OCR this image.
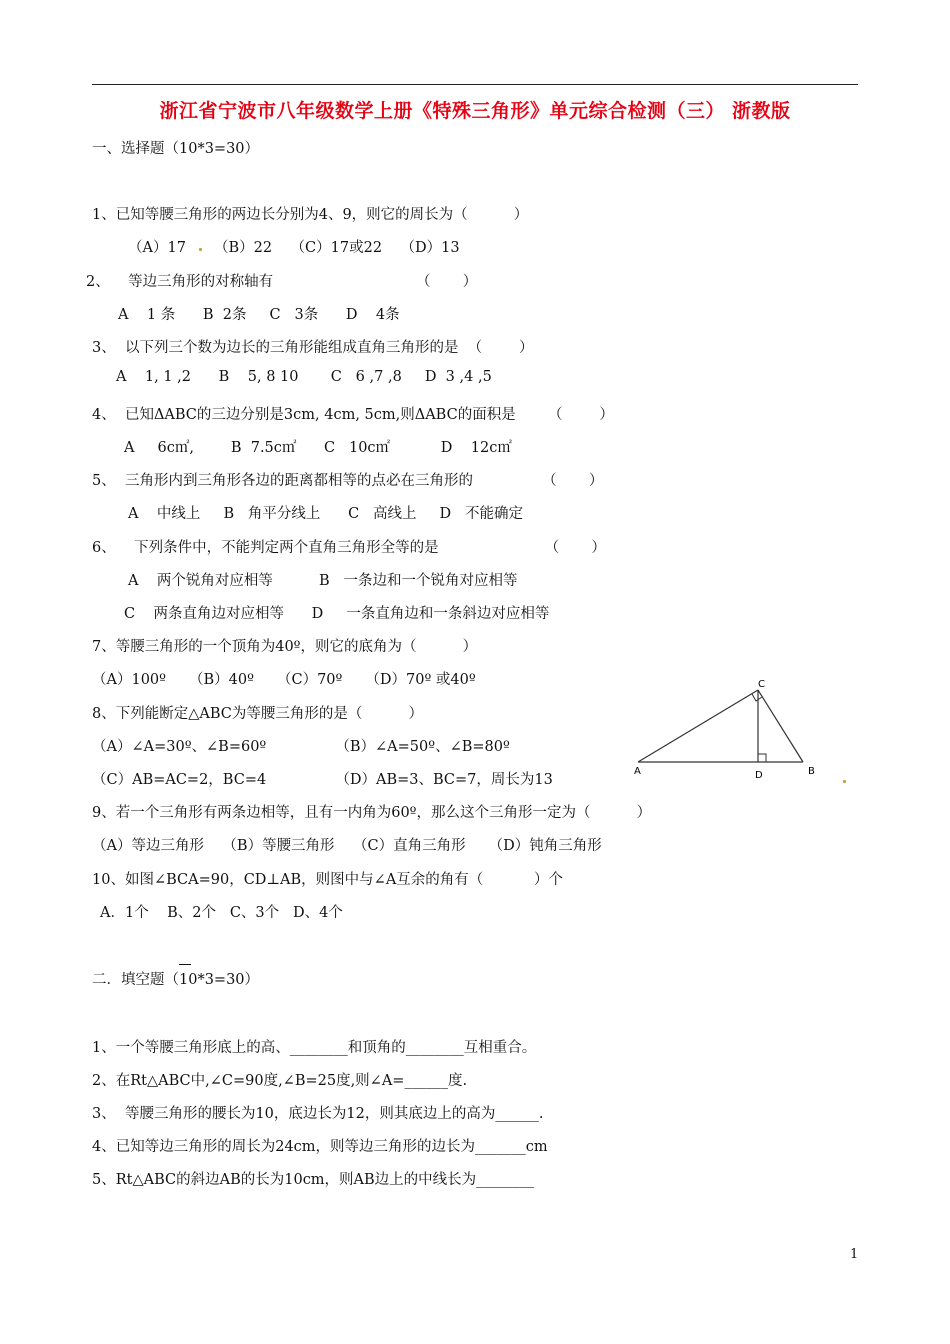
浙江省宁波市八年级数学上册《特殊三角形》单元综合检测（三） 浙教版
一、选择题（10*3=30）
1、已知等腰三角形的两边长分别为4、9，则它的周长为（          ）
（A）17 （B）22    （C）17或22    （D）13
2、    等边三角形的对称轴有                               （       ）
A    1 条      B  2条     C   3条      D    4条
3、  以下列三个数为边长的三角形能组成直角三角形的是  （        ）
A    1, 1 ,2      B    5, 8 10       C   6 ,7 ,8     D  3 ,4 ,5
4、  已知ΔABC的三边分别是3cm, 4cm, 5cm,则ΔABC的面积是       （        ）
A     6c㎡,        B  7.5c㎡      C   10c㎡           D    12c㎡
5、  三角形内到三角形各边的距离都相等的点必在三角形的               （       ）
A    中线上     B   角平分线上      C   高线上     D   不能确定
6、    下列条件中，不能判定两个直角三角形全等的是                       （       ）
A    两个锐角对应相等          B   一条边和一个锐角对应相等
C    两条直角边对应相等      D     一条直角边和一条斜边对应相等
7、等腰三角形的一个顶角为40º，则它的底角为（          ）
（A）100º     （B）40º     （C）70º     （D）70º 或40º
8、下列能断定△ABC为等腰三角形的是（          ）
（A）∠A=30º、∠B=60º               （B）∠A=50º、∠B=80º
（C）AB=AC=2，BC=4               （D）AB=3、BC=7，周长为13
9、若一个三角形有两条边相等，且有一内角为60º，那么这个三角形一定为（          ）
（A）等边三角形    （B）等腰三角形    （C）直角三角形     （D）钝角三角形
10、如图∠BCA=90，CD⊥AB，则图中与∠A互余的角有（           ）个
A．1个    B、2个   C、3个   D、4个
C
A	D	B
二．填空题（10*3=30）
1、一个等腰三角形底上的高、________和顶角的________互相重合。
2、在Rt△ABC中,∠C=90度,∠B=25度,则∠A=______度.
3、  等腰三角形的腰长为10，底边长为12，则其底边上的高为______.
4、已知等边三角形的周长为24cm，则等边三角形的边长为_______cm
5、Rt△ABC的斜边AB的长为10cm，则AB边上的中线长为________
1
